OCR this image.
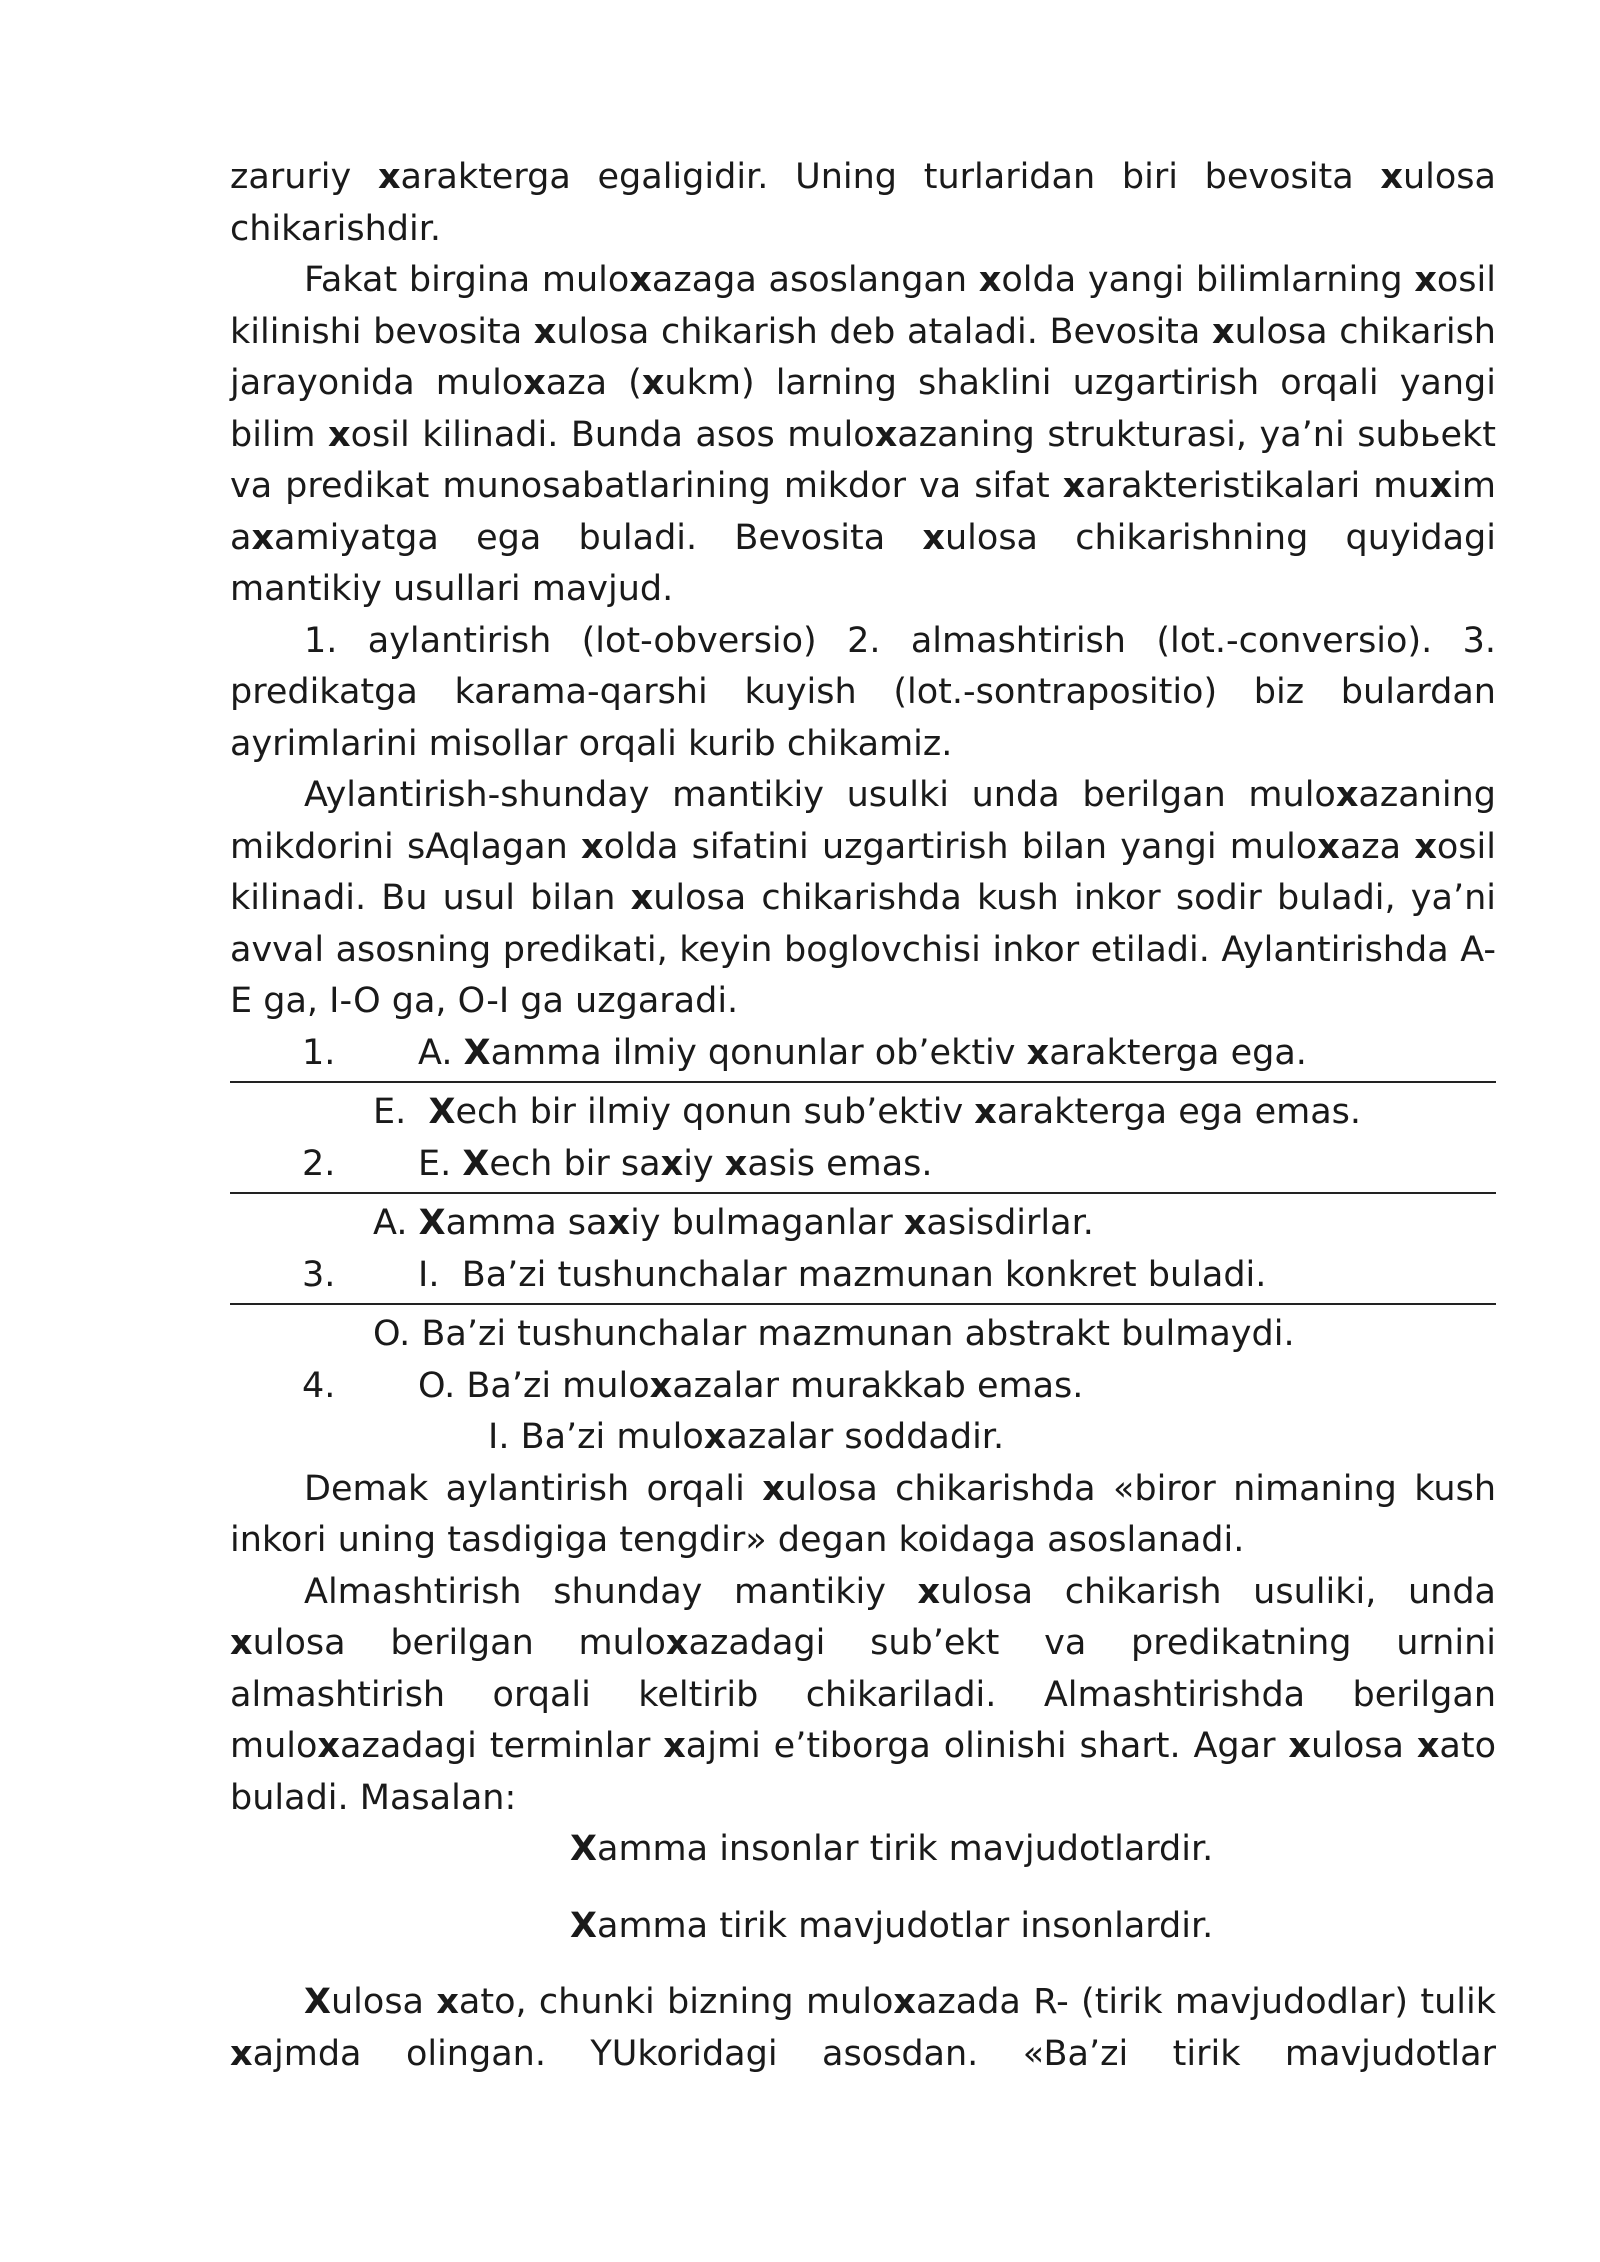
zaruriy xarakterga egaligidir. Uning turlaridan biri bevosita xulosa chikarishdir.

Fakat birgina muloxazaga asoslangan xolda yangi bilimlarning xosil kilinishi bevosita xulosa chikarish deb ataladi. Bevosita xulosa chikarish jarayonida muloxaza (xukm) larning shaklini uzgartirish orqali yangi bilim xosil kilinadi. Bunda asos muloxazaning strukturasi, ya’ni subьekt va predikat munosabatlarining mikdor va sifat xarakteristikalari muxim axamiyatga ega buladi. Bevosita xulosa chikarishning quyidagi mantikiy usullari mavjud.

1. aylantirish (lot-obversio) 2. almashtirish (lot.-conversio). 3. predikatga karama-qarshi kuyish (lot.-sontrapositio) biz bulardan ayrimlarini misollar orqali kurib chikamiz.

Aylantirish-shunday mantikiy usulki unda berilgan muloxazaning mikdorini sAqlagan xolda sifatini uzgartirish bilan yangi muloxaza xosil kilinadi. Bu usul bilan xulosa chikarishda kush inkor sodir buladi, ya’ni avval asosning predikati, keyin boglovchisi inkor etiladi. Aylantirishda A-E ga, I-O ga, O-I ga uzgaradi.

1. A. Xamma ilmiy qonunlar ob’ektiv xarakterga ega.
E.  Xech bir ilmiy qonun sub’ektiv xarakterga ega emas.
2. E. Xech bir saxiy xasis emas.
A. Xamma saxiy bulmaganlar xasisdirlar.
3. I.  Ba’zi tushunchalar mazmunan konkret buladi.
O. Ba’zi tushunchalar mazmunan abstrakt bulmaydi.
4. O. Ba’zi muloxazalar murakkab emas.
I. Ba’zi muloxazalar soddadir.

Demak aylantirish orqali xulosa chikarishda «biror nimaning kush inkori uning tasdigiga tengdir» degan koidaga asoslanadi.

Almashtirish shunday mantikiy xulosa chikarish usuliki, unda xulosa berilgan muloxazadagi sub’ekt va predikatning urnini almashtirish orqali keltirib chikariladi. Almashtirishda berilgan muloxazadagi terminlar xajmi e’tiborga olinishi shart. Agar xulosa xato buladi. Masalan:

Xamma insonlar tirik mavjudotlardir.
Xamma tirik mavjudotlar insonlardir.

Xulosa xato, chunki bizning muloxazada R- (tirik mavjudodlar) tulik xajmda olingan. YUkoridagi asosdan. «Ba’zi tirik mavjudotlar
